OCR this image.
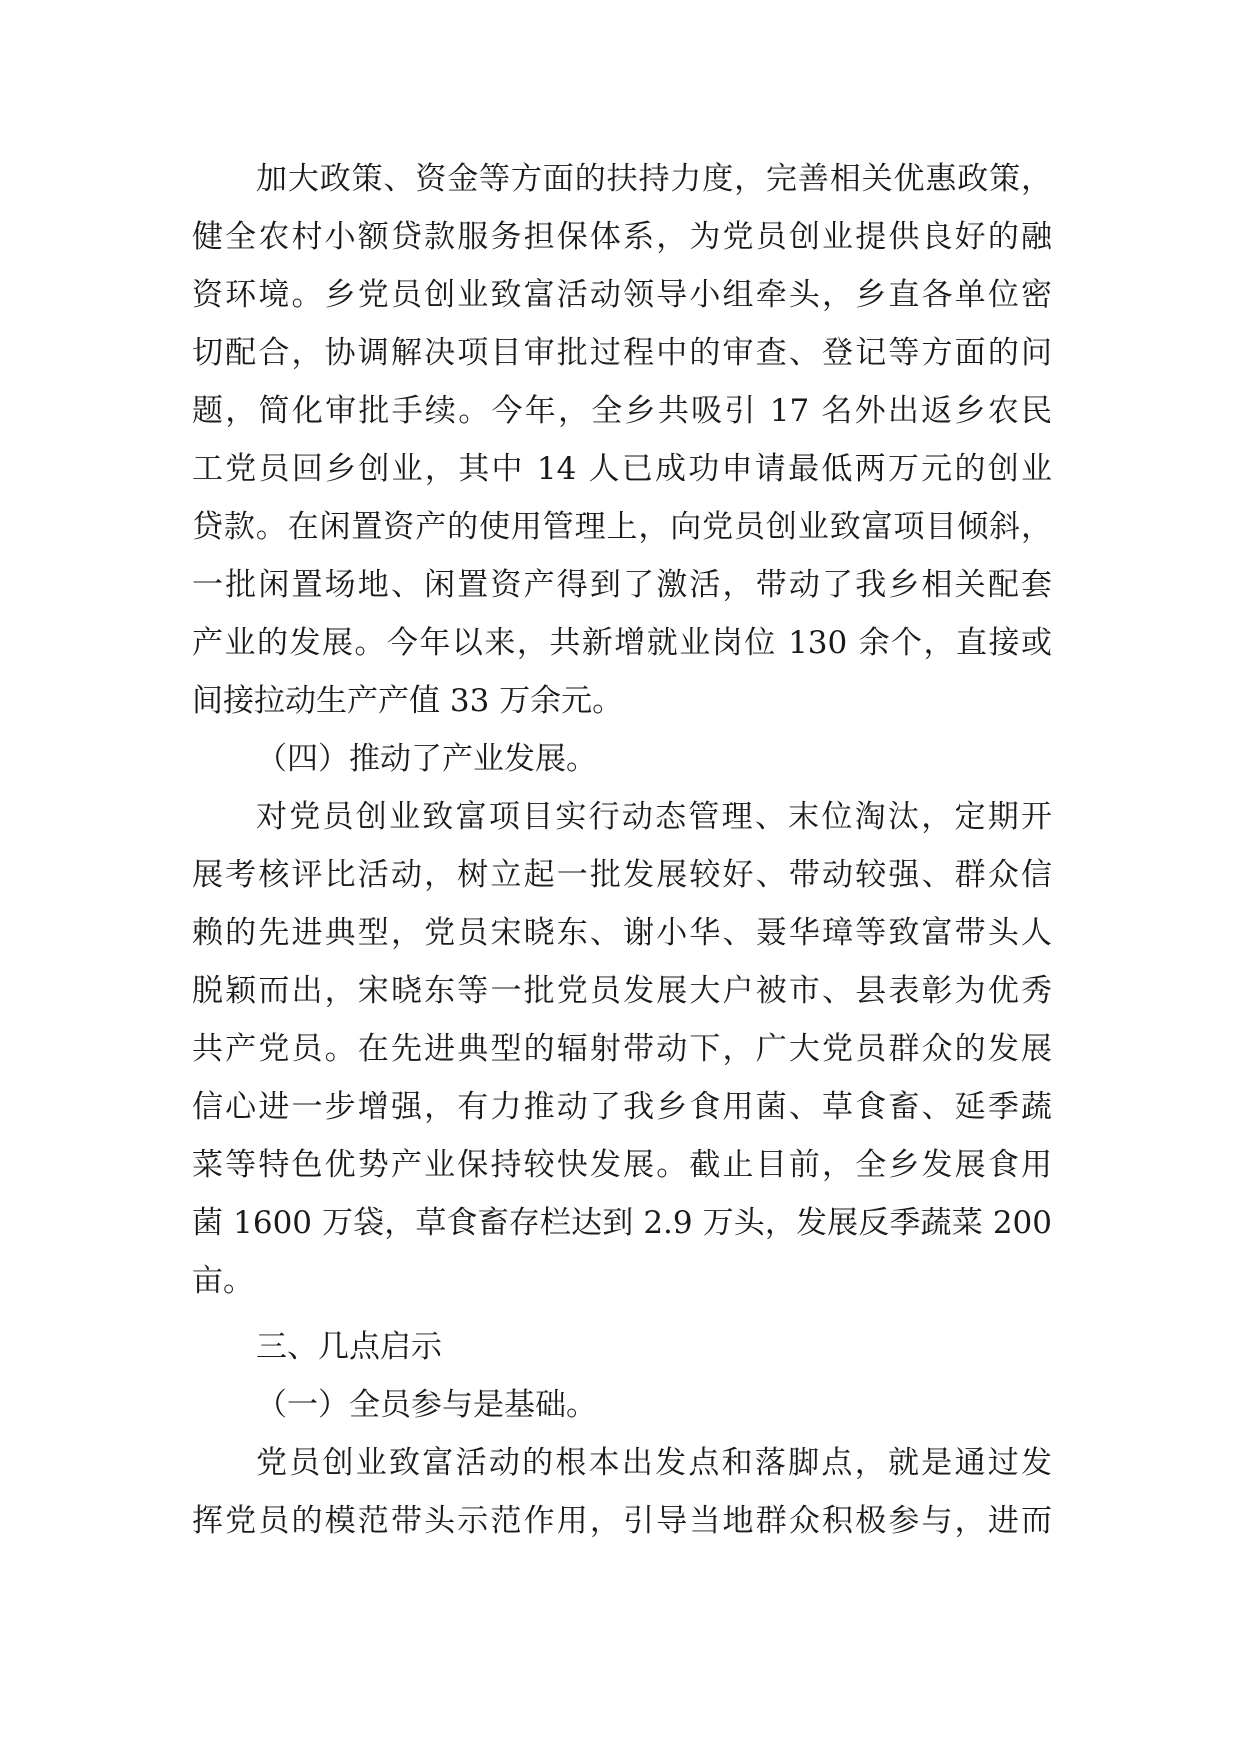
加大政策、资金等方面的扶持力度，完善相关优惠政策，
健全农村小额贷款服务担保体系，为党员创业提供良好的融
资环境。乡党员创业致富活动领导小组牵头，乡直各单位密
切配合，协调解决项目审批过程中的审查、登记等方面的问
题，简化审批手续。今年，全乡共吸引 17 名外出返乡农民
工党员回乡创业，其中 14 人已成功申请最低两万元的创业
贷款。在闲置资产的使用管理上，向党员创业致富项目倾斜，
一批闲置场地、闲置资产得到了激活，带动了我乡相关配套
产业的发展。今年以来，共新增就业岗位 130 余个，直接或
间接拉动生产产值 33 万余元。
（四）推动了产业发展。
对党员创业致富项目实行动态管理、末位淘汰，定期开
展考核评比活动，树立起一批发展较好、带动较强、群众信
赖的先进典型，党员宋晓东、谢小华、聂华璋等致富带头人
脱颖而出，宋晓东等一批党员发展大户被市、县表彰为优秀
共产党员。在先进典型的辐射带动下，广大党员群众的发展
信心进一步增强，有力推动了我乡食用菌、草食畜、延季蔬
菜等特色优势产业保持较快发展。截止目前，全乡发展食用
菌 1600 万袋，草食畜存栏达到 2.9 万头，发展反季蔬菜 200
亩。
三、几点启示
（一）全员参与是基础。
党员创业致富活动的根本出发点和落脚点，就是通过发
挥党员的模范带头示范作用，引导当地群众积极参与，进而
